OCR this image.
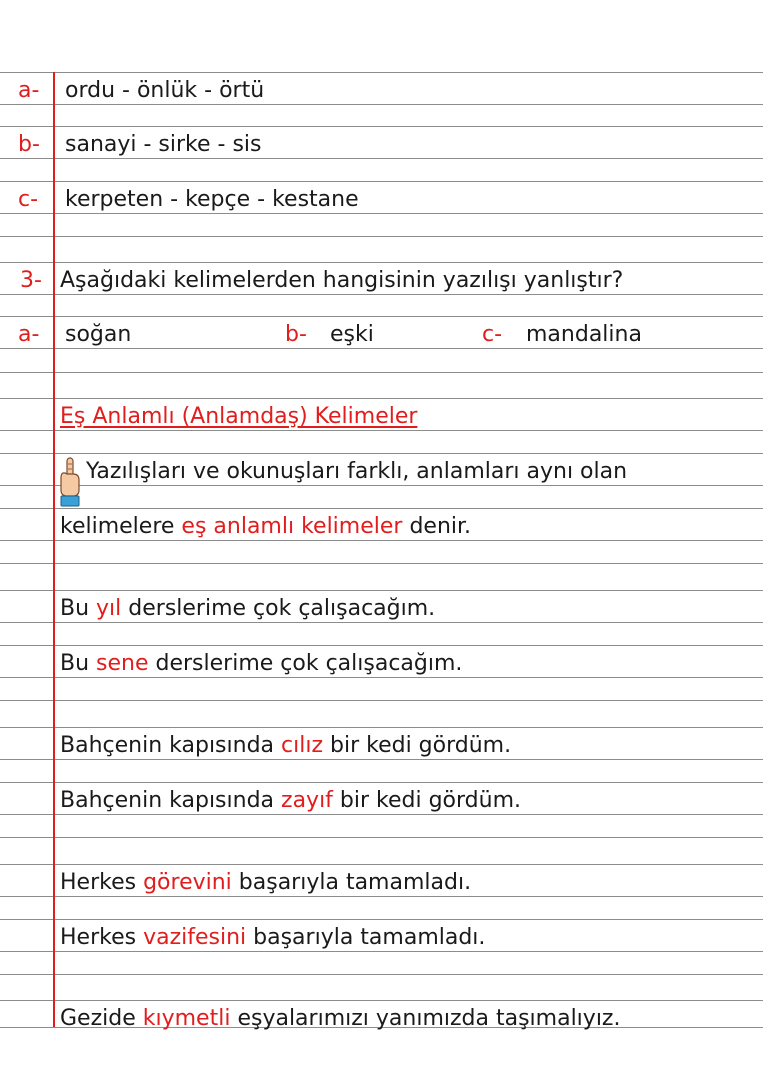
a- ordu - önlük - örtü
b- sanayi - sirke - sis
c- kerpeten - kepçe - kestane
3- Aşağıdaki kelimelerden hangisinin yazılışı yanlıştır?
a- soğan	b- eşki	c- mandalina
Eş Anlamlı (Anlamdaş) Kelimeler
Yazılışları ve okunuşları farklı, anlamları aynı olan
kelimelere eş anlamlı kelimeler denir.
Bu yıl derslerime çok çalışacağım.
Bu sene derslerime çok çalışacağım.
Bahçenin kapısında cılız bir kedi gördüm.
Bahçenin kapısında zayıf bir kedi gördüm.
Herkes görevini başarıyla tamamladı.
Herkes vazifesini başarıyla tamamladı.
Gezide kıymetli eşyalarımızı yanımızda taşımalıyız.
